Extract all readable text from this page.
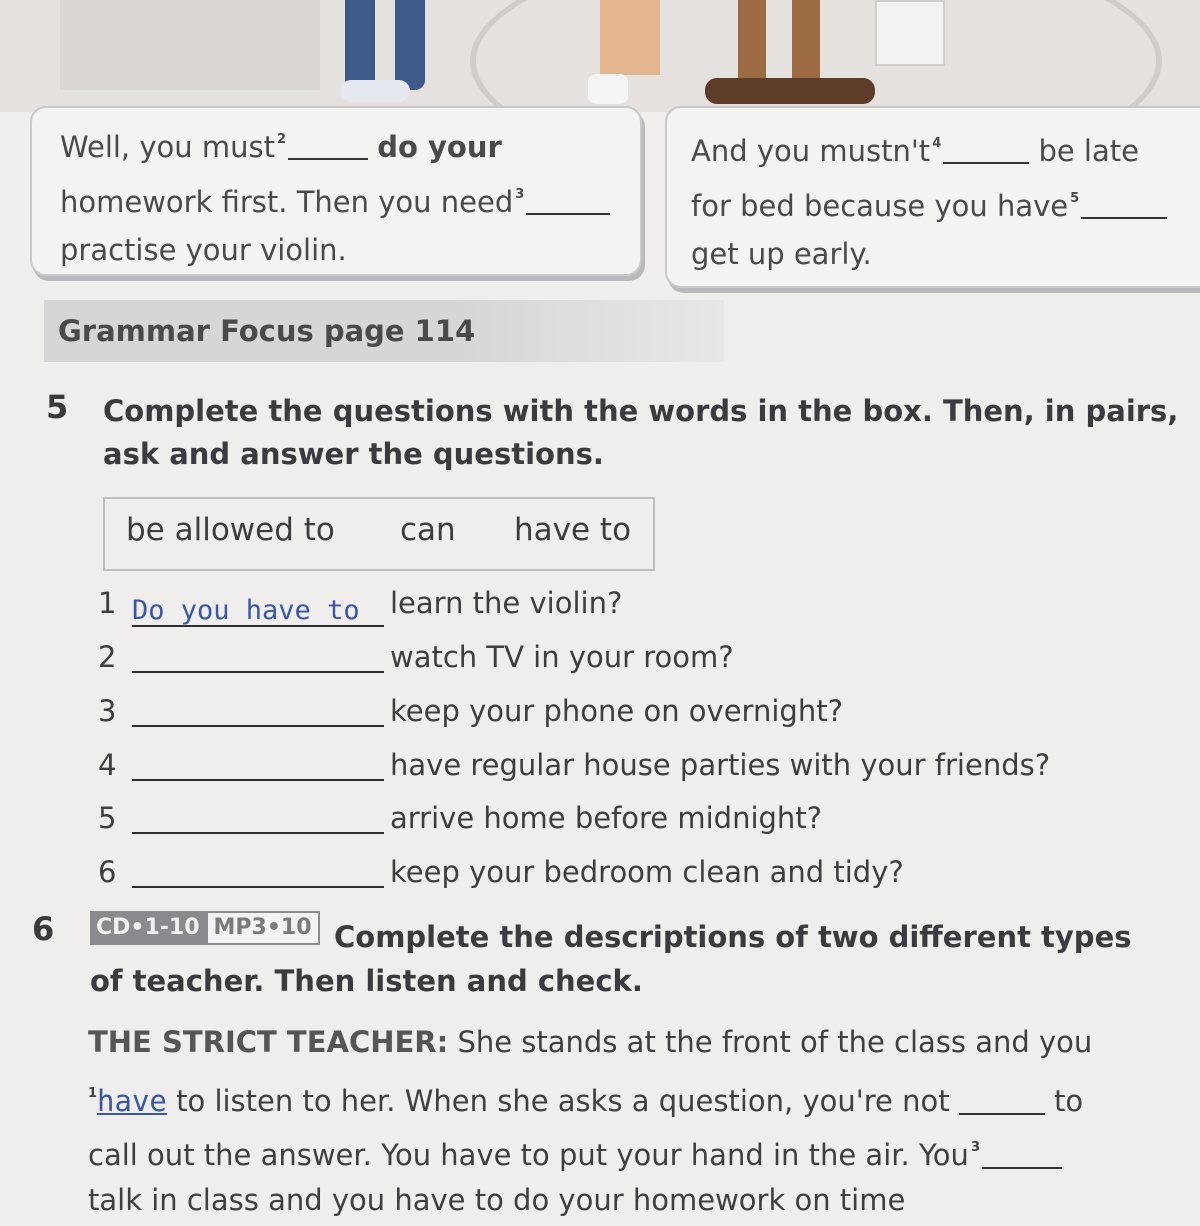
Well, you must $^2$	do your
homework first. Then you need $^3$
practise your violin.
And you mustn't $^4$	be late
for bed because you have $^5$
get up early.
Grammar Focus page 114
5 Complete the questions with the words in the box. Then, in pairs,
ask and answer the questions.
be allowed to can have to
1 Do you have to learn the violin?
2	watch TV in your room?
3	keep your phone on overnight?
4	have regular house parties with your friends?
5	arrive home before midnight?
6	keep your bedroom clean and tidy?
6 CD•1-10 MP3•10 Complete the descriptions of two different types
of teacher. Then listen and check.
THE STRICT TEACHER: She stands at the front of the class and you
$^1$have to listen to her. When she asks a question, you're not	to
call out the answer. You have to put your hand in the air. You $^3$
talk in class and you have to do your homework on time
